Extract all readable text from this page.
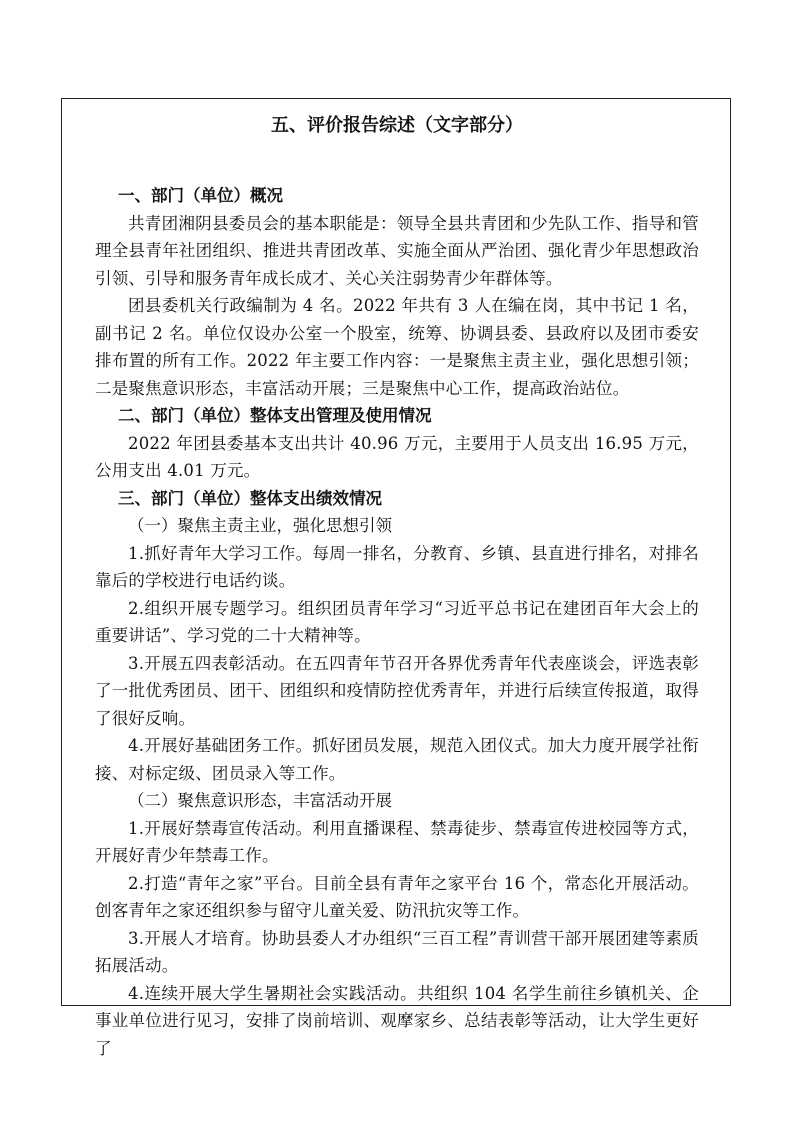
五、评价报告综述（文字部分）
一、部门（单位）概况

共青团湘阴县委员会的基本职能是：领导全县共青团和少先队工作、指导和管理全县青年社团组织、推进共青团改革、实施全面从严治团、强化青少年思想政治引领、引导和服务青年成长成才、关心关注弱势青少年群体等。

团县委机关行政编制为 4 名。2022 年共有 3 人在编在岗，其中书记 1 名，副书记 2 名。单位仅设办公室一个股室，统筹、协调县委、县政府以及团市委安排布置的所有工作。2022 年主要工作内容：一是聚焦主责主业，强化思想引领；二是聚焦意识形态，丰富活动开展；三是聚焦中心工作，提高政治站位。

二、部门（单位）整体支出管理及使用情况

2022 年团县委基本支出共计 40.96 万元，主要用于人员支出 16.95 万元，公用支出 4.01 万元。

三、部门（单位）整体支出绩效情况
（一）聚焦主责主业，强化思想引领

1.抓好青年大学习工作。每周一排名，分教育、乡镇、县直进行排名，对排名靠后的学校进行电话约谈。

2.组织开展专题学习。组织团员青年学习“习近平总书记在建团百年大会上的重要讲话”、学习党的二十大精神等。

3.开展五四表彰活动。在五四青年节召开各界优秀青年代表座谈会，评选表彰了一批优秀团员、团干、团组织和疫情防控优秀青年，并进行后续宣传报道，取得了很好反响。

4.开展好基础团务工作。抓好团员发展，规范入团仪式。加大力度开展学社衔接、对标定级、团员录入等工作。

（二）聚焦意识形态，丰富活动开展

1.开展好禁毒宣传活动。利用直播课程、禁毒徒步、禁毒宣传进校园等方式，开展好青少年禁毒工作。

2.打造“青年之家”平台。目前全县有青年之家平台 16 个，常态化开展活动。创客青年之家还组织参与留守儿童关爱、防汛抗灾等工作。

3.开展人才培育。协助县委人才办组织“三百工程”青训营干部开展团建等素质拓展活动。

4.连续开展大学生暑期社会实践活动。共组织 104 名学生前往乡镇机关、企事业单位进行见习，安排了岗前培训、观摩家乡、总结表彰等活动，让大学生更好了
